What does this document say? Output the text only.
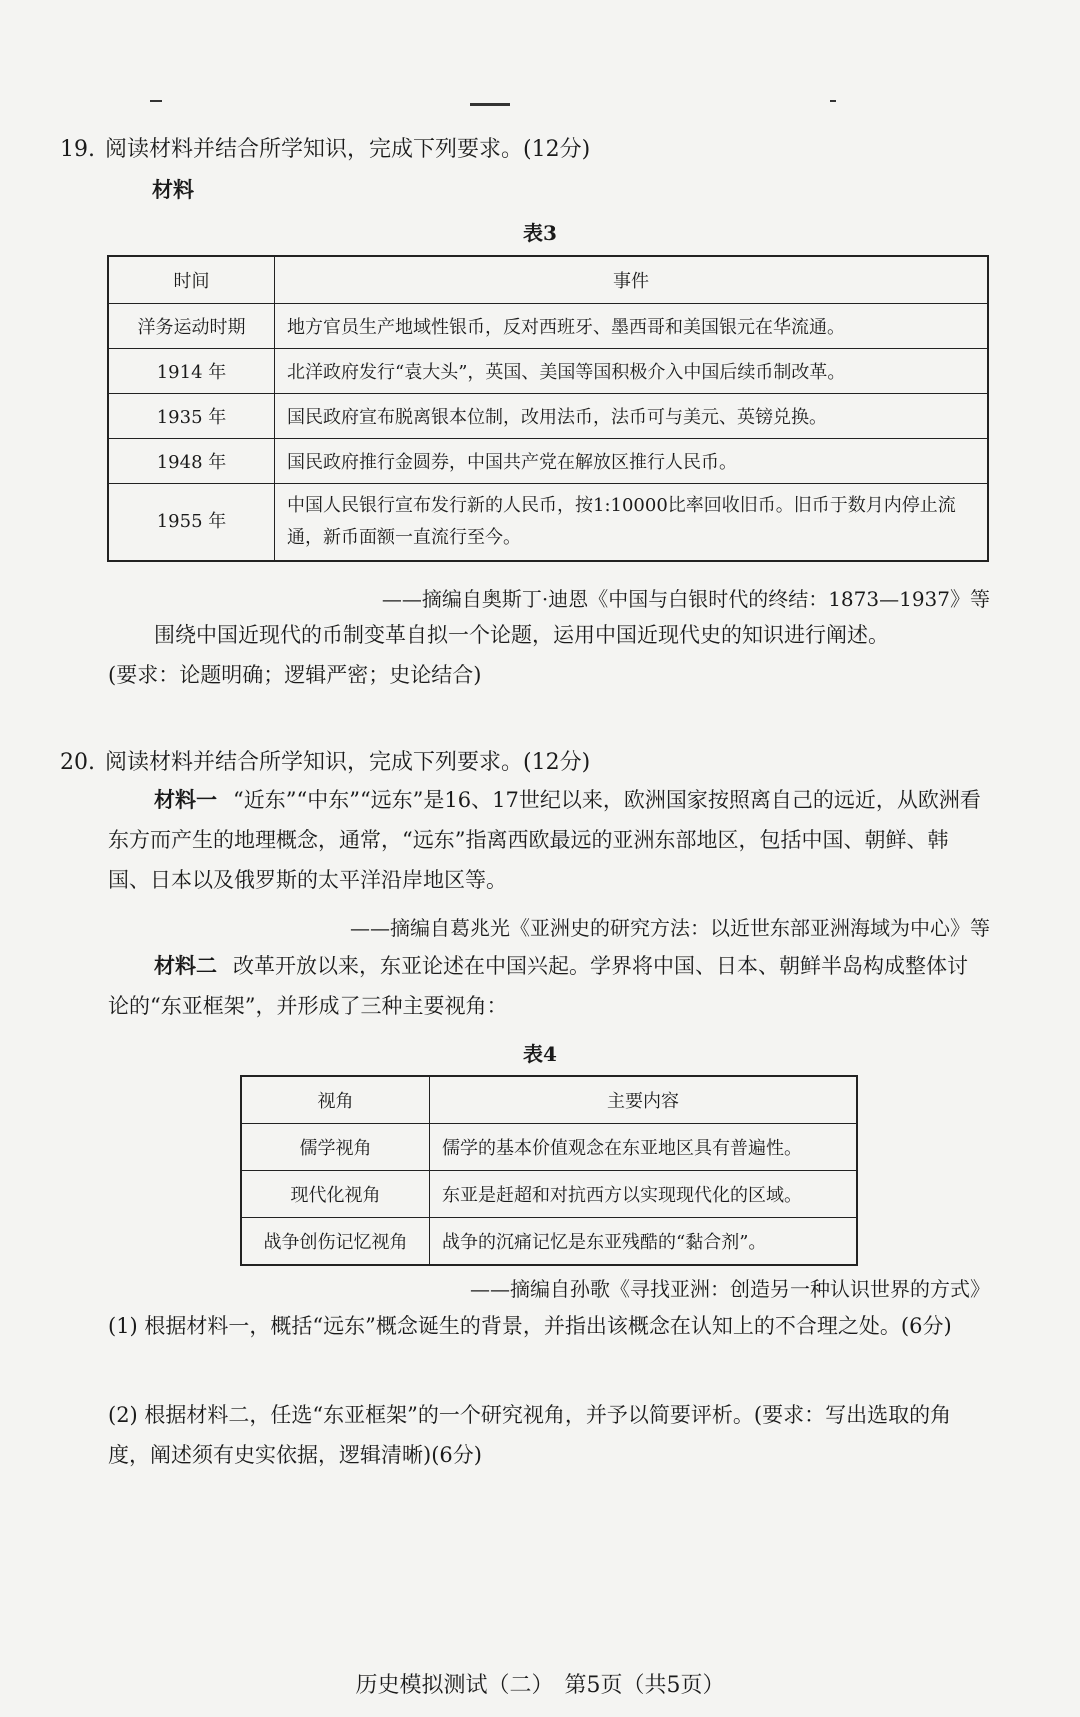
19. 阅读材料并结合所学知识，完成下列要求。(12分)
材料
表3
时间	事件
洋务运动时期	地方官员生产地域性银币，反对西班牙、墨西哥和美国银元在华流通。
1914 年	北洋政府发行“袁大头”，英国、美国等国积极介入中国后续币制改革。
1935 年	国民政府宣布脱离银本位制，改用法币，法币可与美元、英镑兑换。
1948 年	国民政府推行金圆券，中国共产党在解放区推行人民币。
1955 年	中国人民银行宣布发行新的人民币，按1:10000比率回收旧币。旧币于数月内停止流通，新币面额一直流行至今。
——摘编自奥斯丁·迪恩《中国与白银时代的终结：1873—1937》等
围绕中国近现代的币制变革自拟一个论题，运用中国近现代史的知识进行阐述。
(要求：论题明确；逻辑严密；史论结合)
20. 阅读材料并结合所学知识，完成下列要求。(12分)
材料一 “近东”“中东”“远东”是16、17世纪以来，欧洲国家按照离自己的远近，从欧洲看东方而产生的地理概念，通常，“远东”指离西欧最远的亚洲东部地区，包括中国、朝鲜、韩国、日本以及俄罗斯的太平洋沿岸地区等。
——摘编自葛兆光《亚洲史的研究方法：以近世东部亚洲海域为中心》等
材料二 改革开放以来，东亚论述在中国兴起。学界将中国、日本、朝鲜半岛构成整体讨论的“东亚框架”，并形成了三种主要视角：
表4
视角	主要内容
儒学视角	儒学的基本价值观念在东亚地区具有普遍性。
现代化视角	东亚是赶超和对抗西方以实现现代化的区域。
战争创伤记忆视角	战争的沉痛记忆是东亚残酷的“黏合剂”。
——摘编自孙歌《寻找亚洲：创造另一种认识世界的方式》
(1) 根据材料一，概括“远东”概念诞生的背景，并指出该概念在认知上的不合理之处。(6分)
(2) 根据材料二，任选“东亚框架”的一个研究视角，并予以简要评析。(要求：写出选取的角度，阐述须有史实依据，逻辑清晰)(6分)
历史模拟测试（二）　第5页（共5页）
